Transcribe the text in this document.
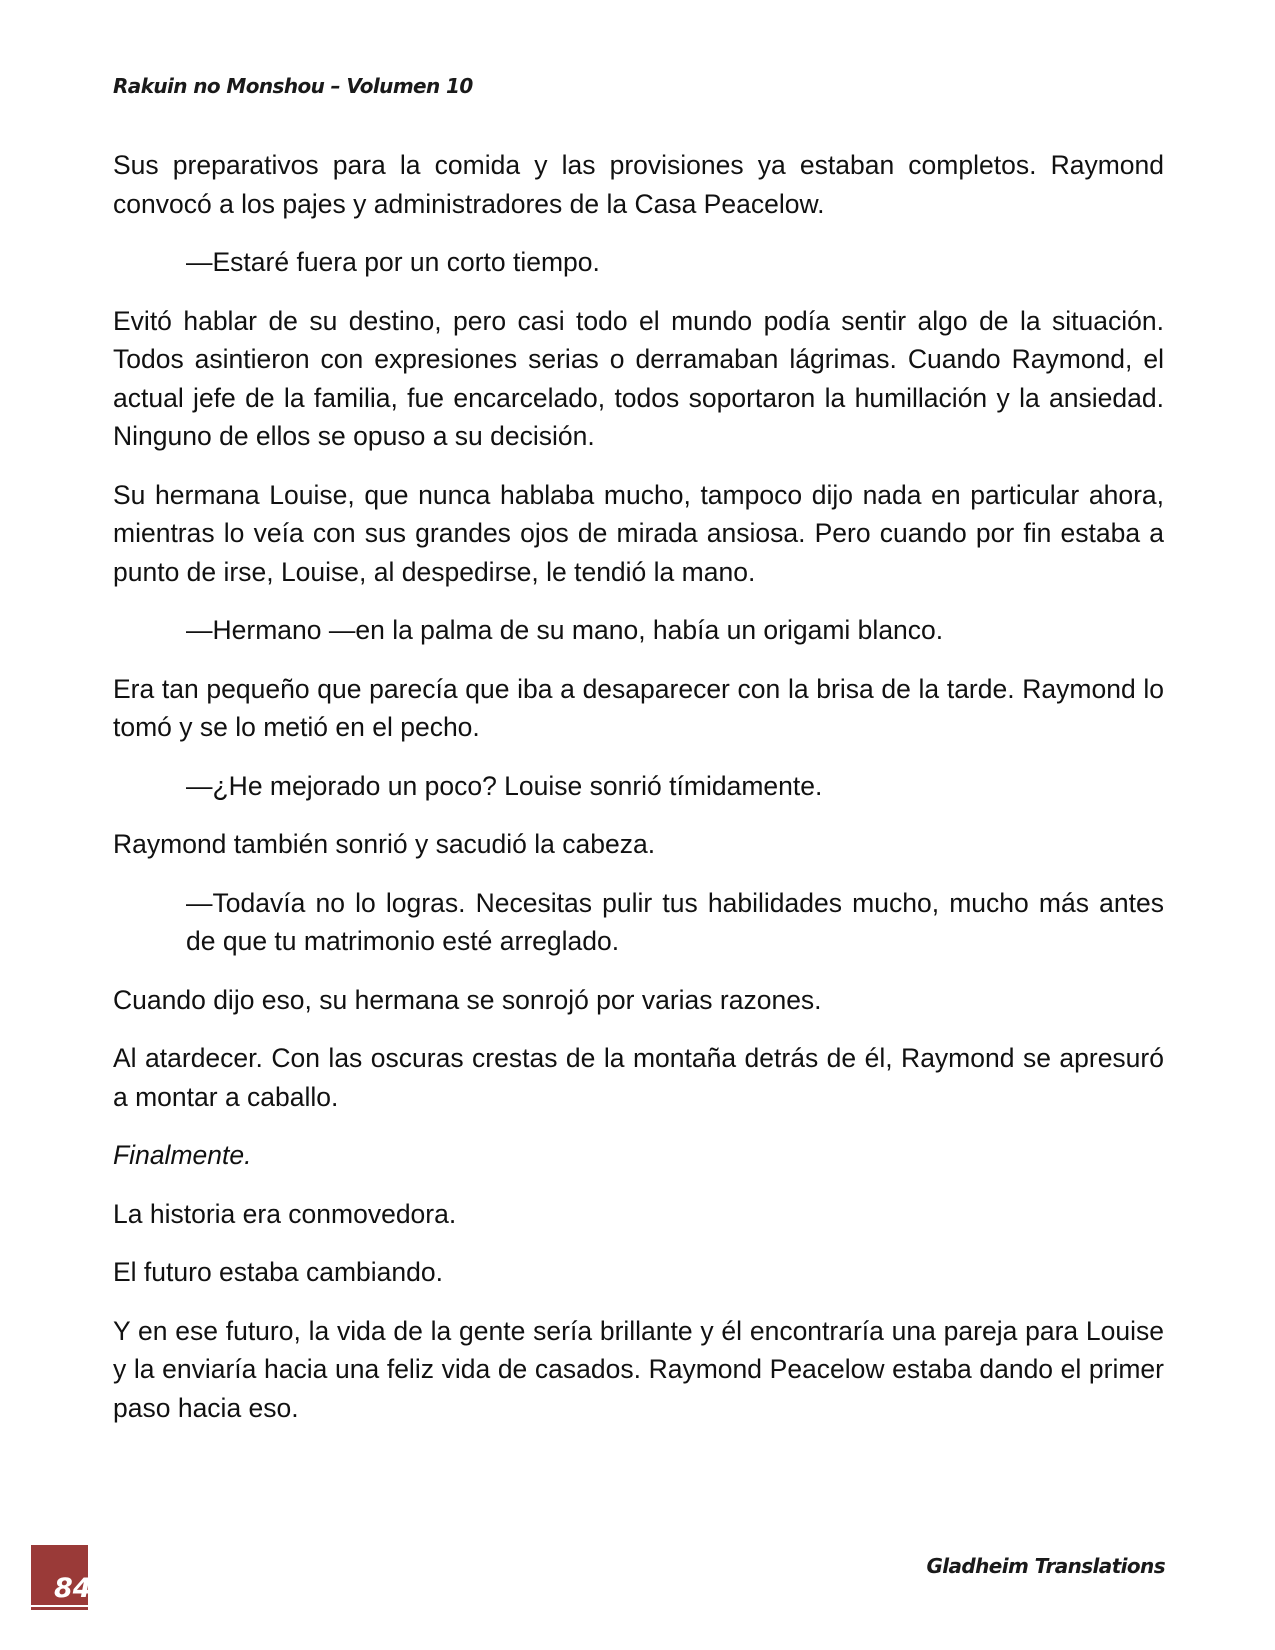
Rakuin no Monshou – Volumen 10

Sus preparativos para la comida y las provisiones ya estaban completos. Raymond convocó a los pajes y administradores de la Casa Peacelow.

—Estaré fuera por un corto tiempo.

Evitó hablar de su destino, pero casi todo el mundo podía sentir algo de la situación. Todos asintieron con expresiones serias o derramaban lágrimas. Cuando Raymond, el actual jefe de la familia, fue encarcelado, todos soportaron la humillación y la ansiedad. Ninguno de ellos se opuso a su decisión.

Su hermana Louise, que nunca hablaba mucho, tampoco dijo nada en particular ahora, mientras lo veía con sus grandes ojos de mirada ansiosa. Pero cuando por fin estaba a punto de irse, Louise, al despedirse, le tendió la mano.

—Hermano —en la palma de su mano, había un origami blanco.

Era tan pequeño que parecía que iba a desaparecer con la brisa de la tarde. Raymond lo tomó y se lo metió en el pecho.

—¿He mejorado un poco? Louise sonrió tímidamente.

Raymond también sonrió y sacudió la cabeza.

—Todavía no lo logras. Necesitas pulir tus habilidades mucho, mucho más antes de que tu matrimonio esté arreglado.

Cuando dijo eso, su hermana se sonrojó por varias razones.

Al atardecer. Con las oscuras crestas de la montaña detrás de él, Raymond se apresuró a montar a caballo.

Finalmente.

La historia era conmovedora.

El futuro estaba cambiando.

Y en ese futuro, la vida de la gente sería brillante y él encontraría una pareja para Louise y la enviaría hacia una feliz vida de casados. Raymond Peacelow estaba dando el primer paso hacia eso.

84
Gladheim Translations
